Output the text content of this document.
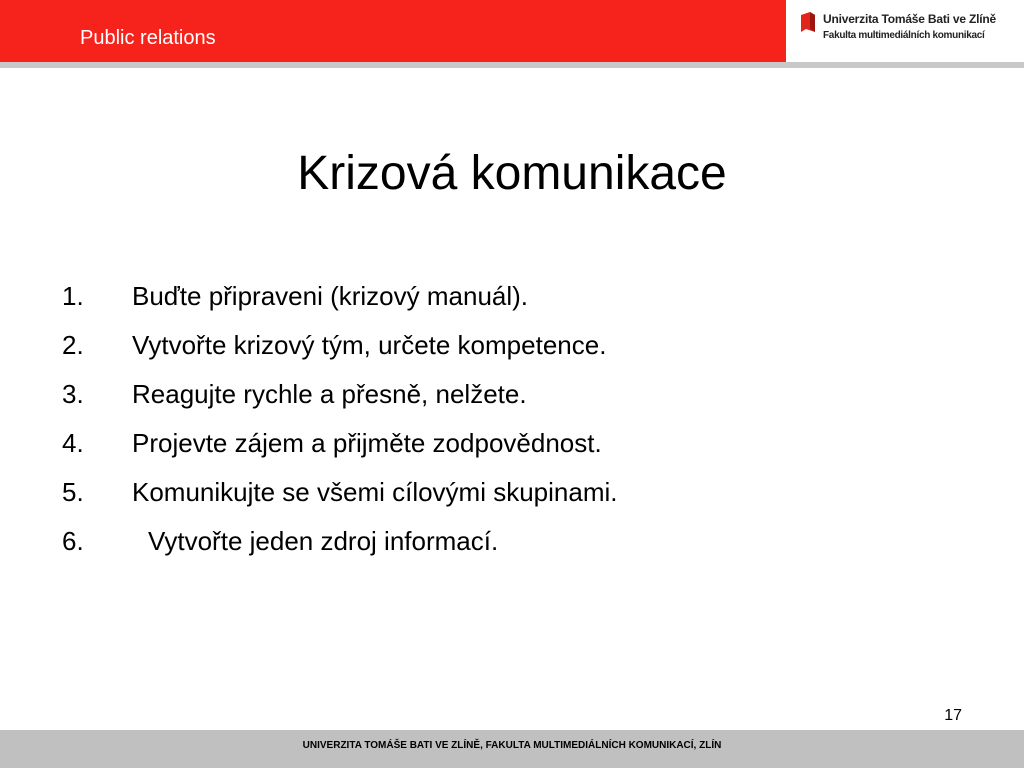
Public relations
Univerzita Tomáše Bati ve Zlíně
Fakulta multimediálních komunikací
Krizová komunikace
1. Buďte připraveni (krizový manuál).
2. Vytvořte krizový tým, určete kompetence.
3. Reagujte rychle a přesně, nelžete.
4. Projevte zájem a přijměte zodpovědnost.
5. Komunikujte se všemi cílovými skupinami.
6. Vytvořte jeden zdroj informací.
17
UNIVERZITA TOMÁŠE BATI VE ZLÍNĚ, FAKULTA MULTIMEDIÁLNÍCH KOMUNIKACÍ, ZLÍN
